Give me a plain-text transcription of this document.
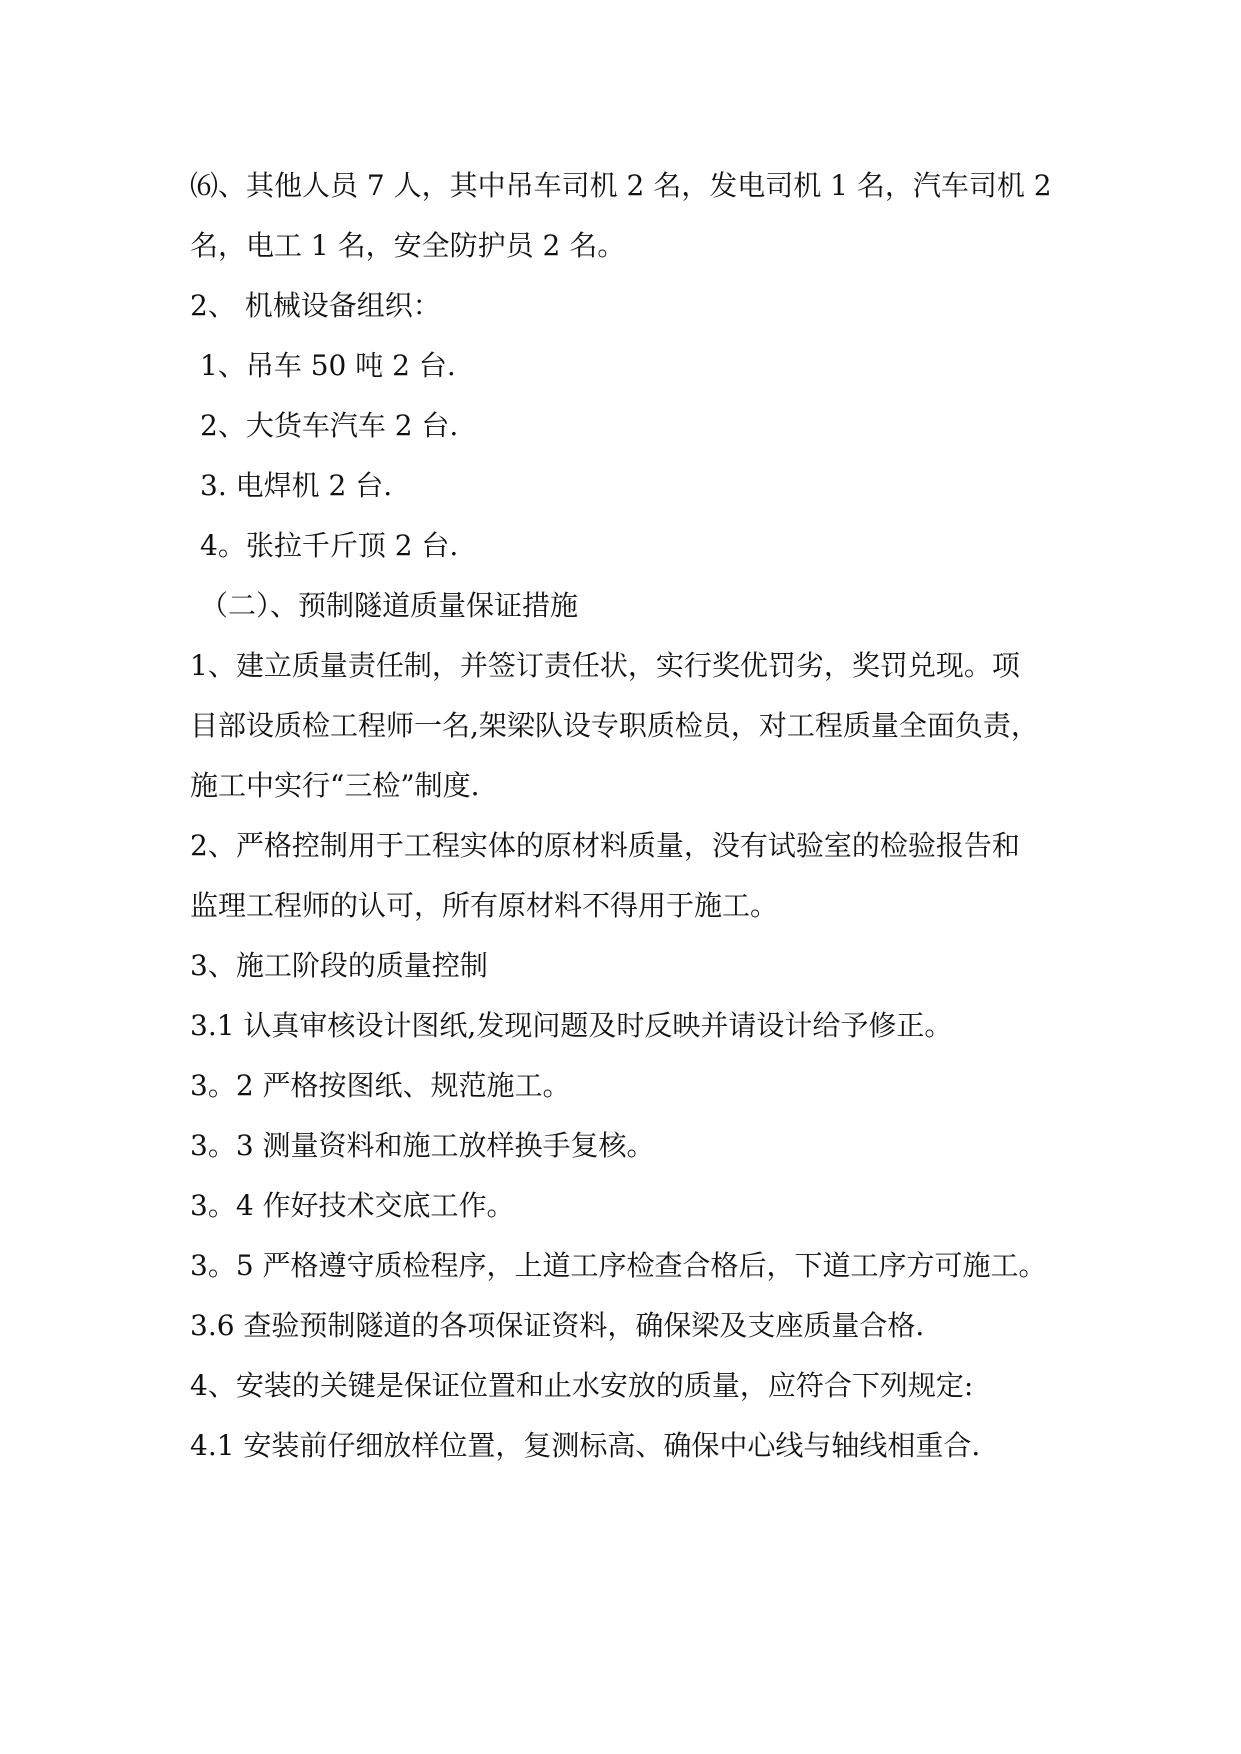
⑹、其他人员 7 人，其中吊车司机 2 名，发电司机 1 名，汽车司机 2
名，电工 1 名，安全防护员 2 名。
2、 机械设备组织：
1、吊车 50 吨 2 台.
2、大货车汽车 2 台.
3. 电焊机 2 台.
4。张拉千斤顶 2 台.
（二）、预制隧道质量保证措施
1、建立质量责任制，并签订责任状，实行奖优罚劣，奖罚兑现。项
目部设质检工程师一名,架梁队设专职质检员，对工程质量全面负责，
施工中实行“三检”制度.
2、严格控制用于工程实体的原材料质量，没有试验室的检验报告和
监理工程师的认可，所有原材料不得用于施工。
3、施工阶段的质量控制
3.1 认真审核设计图纸,发现问题及时反映并请设计给予修正。
3。2 严格按图纸、规范施工。
3。3 测量资料和施工放样换手复核。
3。4 作好技术交底工作。
3。5 严格遵守质检程序，上道工序检查合格后，下道工序方可施工。
3.6 查验预制隧道的各项保证资料，确保梁及支座质量合格.
4、安装的关键是保证位置和止水安放的质量，应符合下列规定:
4.1 安装前仔细放样位置，复测标高、确保中心线与轴线相重合.
